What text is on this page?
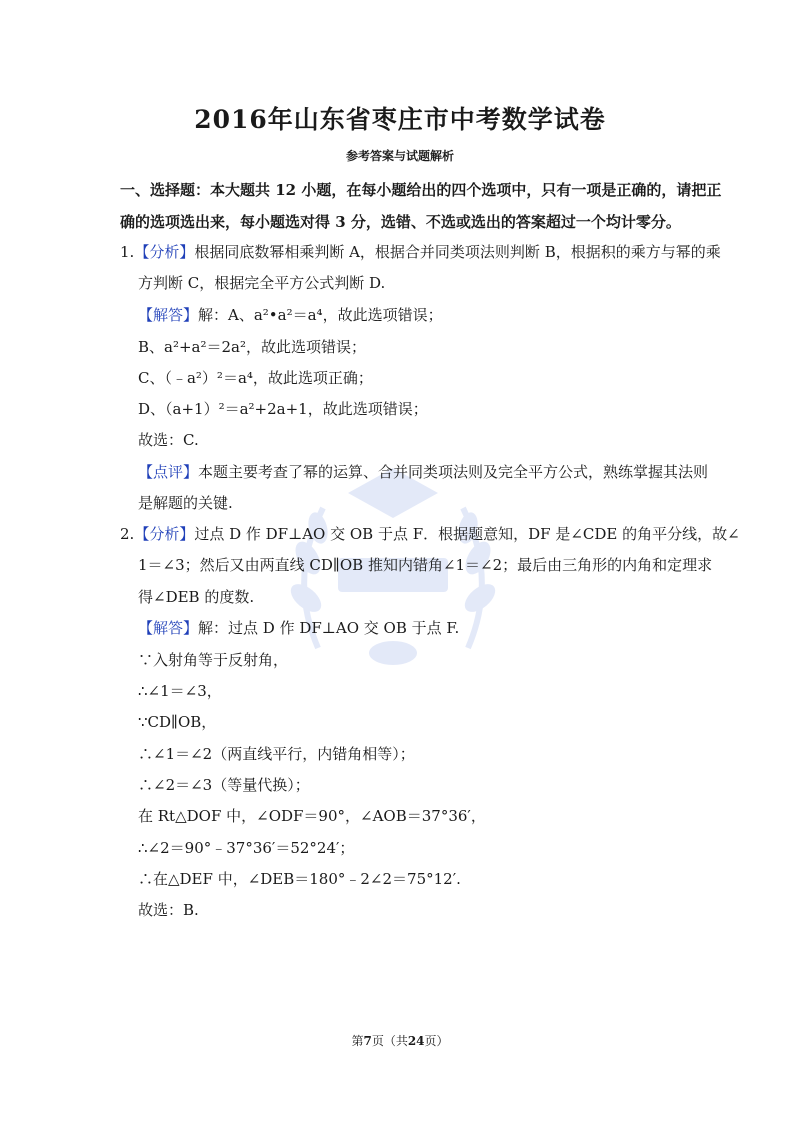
2016年山东省枣庄市中考数学试卷
参考答案与试题解析
一、选择题：本大题共 12 小题，在每小题给出的四个选项中，只有一项是正确的，请把正
确的选项选出来，每小题选对得 3 分，选错、不选或选出的答案超过一个均计零分。
1.【分析】根据同底数幂相乘判断 A，根据合并同类项法则判断 B，根据积的乘方与幂的乘
方判断 C，根据完全平方公式判断 D.
【解答】解：A、a²•a²＝a⁴，故此选项错误；
B、a²+a²＝2a²，故此选项错误；
C、（﹣a²）²＝a⁴，故此选项正确；
D、（a+1）²＝a²+2a+1，故此选项错误；
故选：C.
【点评】本题主要考查了幂的运算、合并同类项法则及完全平方公式，熟练掌握其法则
是解题的关键.
2.【分析】过点 D 作 DF⊥AO 交 OB 于点 F．根据题意知，DF 是∠CDE 的角平分线，故∠
1＝∠3；然后又由两直线 CD∥OB 推知内错角∠1＝∠2；最后由三角形的内角和定理求
得∠DEB 的度数.
【解答】解：过点 D 作 DF⊥AO 交 OB 于点 F.
∵入射角等于反射角，
∴∠1＝∠3，
∵CD∥OB，
∴∠1＝∠2（两直线平行，内错角相等）；
∴∠2＝∠3（等量代换）；
在 Rt△DOF 中，∠ODF＝90°，∠AOB＝37°36′，
∴∠2＝90°﹣37°36′＝52°24′；
∴在△DEF 中，∠DEB＝180°﹣2∠2＝75°12′.
故选：B.
第7页（共24页）
